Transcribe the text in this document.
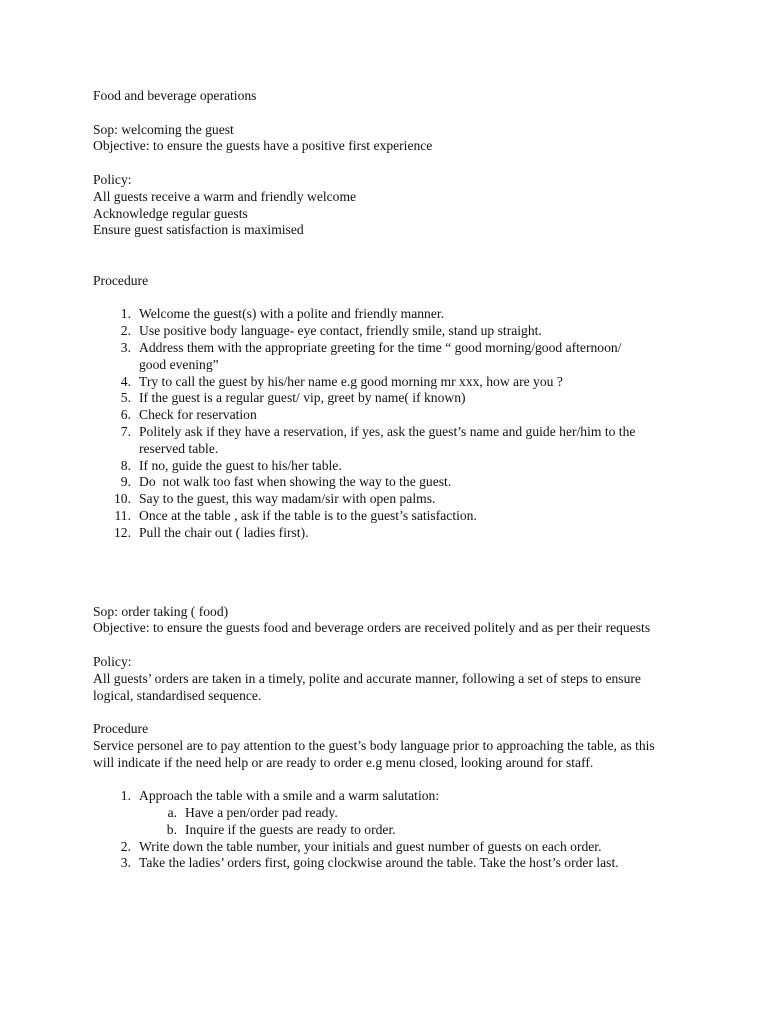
Food and beverage operations
Sop: welcoming the guest
Objective: to ensure the guests have a positive first experience
Policy:
All guests receive a warm and friendly welcome
Acknowledge regular guests
Ensure guest satisfaction is maximised
Procedure
1. Welcome the guest(s) with a polite and friendly manner.
2. Use positive body language- eye contact, friendly smile, stand up straight.
3. Address them with the appropriate greeting for the time “ good morning/good afternoon/ good evening”
4. Try to call the guest by his/her name e.g good morning mr xxx, how are you ?
5. If the guest is a regular guest/ vip, greet by name( if known)
6. Check for reservation
7. Politely ask if they have a reservation, if yes, ask the guest’s name and guide her/him to the reserved table.
8. If no, guide the guest to his/her table.
9. Do  not walk too fast when showing the way to the guest.
10. Say to the guest, this way madam/sir with open palms.
11. Once at the table , ask if the table is to the guest’s satisfaction.
12. Pull the chair out ( ladies first).
Sop: order taking ( food)
Objective: to ensure the guests food and beverage orders are received politely and as per their requests
Policy:
All guests’ orders are taken in a timely, polite and accurate manner, following a set of steps to ensure logical, standardised sequence.
Procedure
Service personel are to pay attention to the guest’s body language prior to approaching the table, as this will indicate if the need help or are ready to order e.g menu closed, looking around for staff.
1. Approach the table with a smile and a warm salutation:
a. Have a pen/order pad ready.
b. Inquire if the guests are ready to order.
2. Write down the table number, your initials and guest number of guests on each order.
3. Take the ladies’ orders first, going clockwise around the table. Take the host’s order last.
